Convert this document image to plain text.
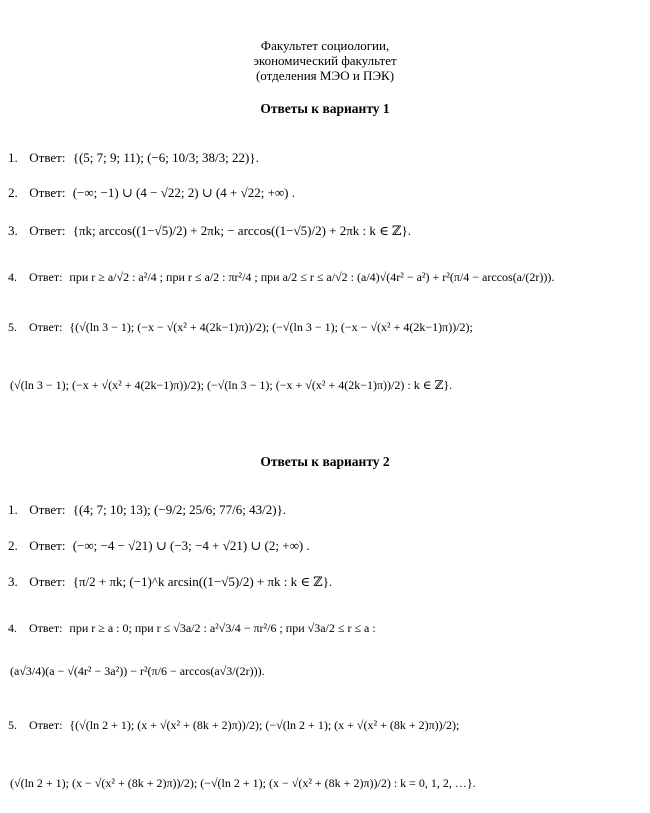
Факультет социологии,
экономический факультет
(отделения МЭО и ПЭК)
Ответы к варианту 1
1. Ответ: {(5; 7; 9; 11); (−6; 10/3; 38/3; 22)}.
2. Ответ: (−∞; −1) ∪ (4 − √22; 2) ∪ (4 + √22; +∞) .
3. Ответ: {πk; arccos((1−√5)/2) + 2πk; − arccos((1−√5)/2) + 2πk : k ∈ ℤ}.
4. Ответ: при r ≥ a/√2 : a²/4 ; при r ≤ a/2 : πr²/4 ; при a/2 ≤ r ≤ a/√2 : (a/4)√(4r² − a²) + r²(π/4 − arccos(a/(2r))).
5. Ответ: {(√(ln 3 − 1); (−x − √(x² + 4(2k−1)π))/2); (−√(ln 3 − 1); (−x − √(x² + 4(2k−1)π))/2);
(√(ln 3 − 1); (−x + √(x² + 4(2k−1)π))/2); (−√(ln 3 − 1); (−x + √(x² + 4(2k−1)π))/2) : k ∈ ℤ}.
Ответы к варианту 2
1. Ответ: {(4; 7; 10; 13); (−9/2; 25/6; 77/6; 43/2)}.
2. Ответ: (−∞; −4 − √21) ∪ (−3; −4 + √21) ∪ (2; +∞) .
3. Ответ: {π/2 + πk; (−1)^k arcsin((1−√5)/2) + πk : k ∈ ℤ}.
4. Ответ: при r ≥ a : 0; при r ≤ √3a/2 : a²√3/4 − πr²/6 ; при √3a/2 ≤ r ≤ a :
(a√3/4)(a − √(4r² − 3a²)) − r²(π/6 − arccos(a√3/(2r))).
5. Ответ: {(√(ln 2 + 1); (x + √(x² + (8k + 2)π))/2); (−√(ln 2 + 1); (x + √(x² + (8k + 2)π))/2);
(√(ln 2 + 1); (x − √(x² + (8k + 2)π))/2); (−√(ln 2 + 1); (x − √(x² + (8k + 2)π))/2) : k = 0, 1, 2, …}.
